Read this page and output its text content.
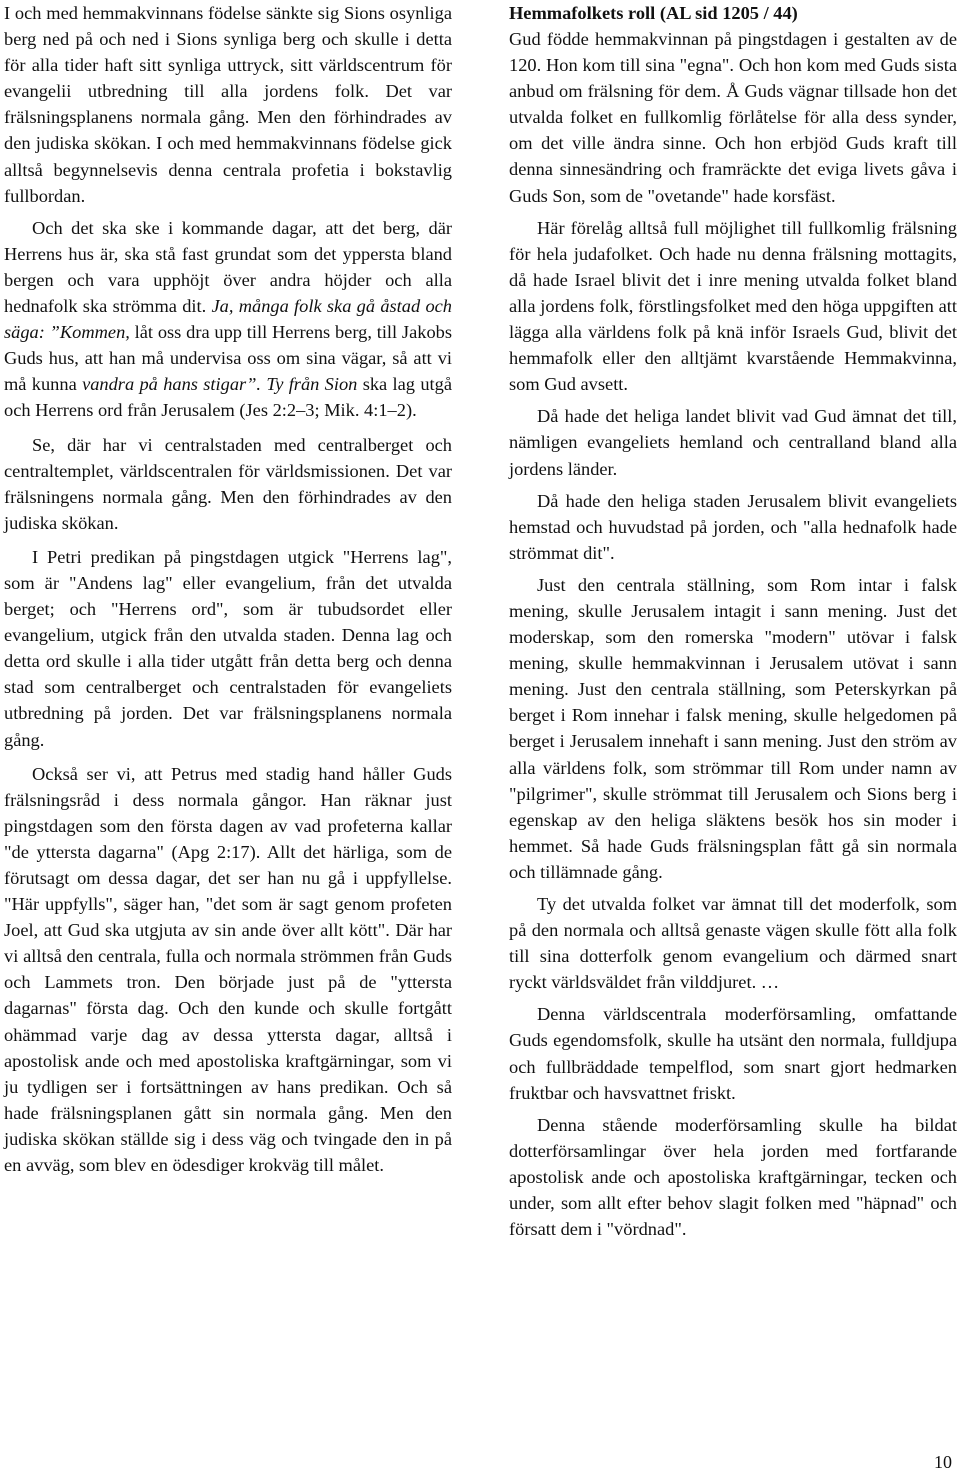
I och med hemmakvinnans födelse sänkte sig Sions osynliga berg ned på och ned i Sions synliga berg och skulle i detta för alla tider haft sitt synliga uttryck, sitt världscentrum för evangelii utbredning till alla jordens folk. Det var frälsningsplanens normala gång. Men den förhindrades av den judiska skökan. I och med hemmakvinnans födelse gick alltså begynnelsevis denna centrala profetia i bokstavlig fullbordan.

Och det ska ske i kommande dagar, att det berg, där Herrens hus är, ska stå fast grundat som det yppersta bland bergen och vara upphöjt över andra höjder och alla hednafolk ska strömma dit. Ja, många folk ska gå åstad och säga: ”Kommen, låt oss dra upp till Herrens berg, till Jakobs Guds hus, att han må undervisa oss om sina vägar, så att vi må kunna vandra på hans stigar”. Ty från Sion ska lag utgå och Herrens ord från Jerusalem (Jes 2:2–3; Mik. 4:1–2).

Se, där har vi centralstaden med centralberget och centraltemplet, världscentralen för världsmissionen. Det var frälsningens normala gång. Men den förhindrades av den judiska skökan.

I Petri predikan på pingstdagen utgick "Herrens lag", som är "Andens lag" eller evangelium, från det utvalda berget; och "Herrens ord", som är tubudsordet eller evangelium, utgick från den utvalda staden. Denna lag och detta ord skulle i alla tider utgått från detta berg och denna stad som centralberget och centralstaden för evangeliets utbredning på jorden. Det var frälsningsplanens normala gång.

Också ser vi, att Petrus med stadig hand håller Guds frälsningsråd i dess normala gångor. Han räknar just pingstdagen som den första dagen av vad profeterna kallar "de yttersta dagarna" (Apg 2:17). Allt det härliga, som de förutsagt om dessa dagar, det ser han nu gå i uppfyllelse. "Här uppfylls", säger han, "det som är sagt genom profeten Joel, att Gud ska utgjuta av sin ande över allt kött". Där har vi alltså den centrala, fulla och normala strömmen från Guds och Lammets tron. Den började just på de "yttersta dagarnas" första dag. Och den kunde och skulle fortgått ohämmad varje dag av dessa yttersta dagar, alltså i apostolisk ande och med apostoliska kraftgärningar, som vi ju tydligen ser i fortsättningen av hans predikan. Och så hade frälsningsplanen gått sin normala gång. Men den judiska skökan ställde sig i dess väg och tvingade den in på en avväg, som blev en ödesdiger krokväg till målet.

Hemmafolkets roll (AL sid 1205 / 44)

Gud födde hemmakvinnan på pingstdagen i gestalten av de 120. Hon kom till sina "egna". Och hon kom med Guds sista anbud om frälsning för dem. Å Guds vägnar tillsade hon det utvalda folket en fullkomlig förlåtelse för alla dess synder, om det ville ändra sinne. Och hon erbjöd Guds kraft till denna sinnesändring och framräckte det eviga livets gåva i Guds Son, som de "ovetande" hade korsfäst.

Här förelåg alltså full möjlighet till fullkomlig frälsning för hela judafolket. Och hade nu denna frälsning mottagits, då hade Israel blivit det i inre mening utvalda folket bland alla jordens folk, förstlingsfolket med den höga uppgiften att lägga alla världens folk på knä inför Israels Gud, blivit det hemmafolk eller den alltjämt kvarstående Hemmakvinna, som Gud avsett.

Då hade det heliga landet blivit vad Gud ämnat det till, nämligen evangeliets hemland och centralland bland alla jordens länder.

Då hade den heliga staden Jerusalem blivit evangeliets hemstad och huvudstad på jorden, och "alla hednafolk hade strömmat dit".

Just den centrala ställning, som Rom intar i falsk mening, skulle Jerusalem intagit i sann mening. Just det moderskap, som den romerska "modern" utövar i falsk mening, skulle hemmakvinnan i Jerusalem utövat i sann mening. Just den centrala ställning, som Peterskyrkan på berget i Rom innehar i falsk mening, skulle helgedomen på berget i Jerusalem innehaft i sann mening. Just den ström av alla världens folk, som strömmar till Rom under namn av "pilgrimer", skulle strömmat till Jerusalem och Sions berg i egenskap av den heliga släktens besök hos sin moder i hemmet. Så hade Guds frälsningsplan fått gå sin normala och tillämnade gång.

Ty det utvalda folket var ämnat till det moderfolk, som på den normala och alltså genaste vägen skulle fött alla folk till sina dotterfolk genom evangelium och därmed snart ryckt världsväldet från vilddjuret. …

Denna världscentrala moderförsamling, omfattande Guds egendomsfolk, skulle ha utsänt den normala, fulldjupa och fullbräddade tempelflod, som snart gjort hedmarken fruktbar och havsvattnet friskt.

Denna stående moderförsamling skulle ha bildat dotterförsamlingar över hela jorden med fortfarande apostolisk ande och apostoliska kraftgärningar, tecken och under, som allt efter behov slagit folken med "häpnad" och försatt dem i "vördnad".

10
